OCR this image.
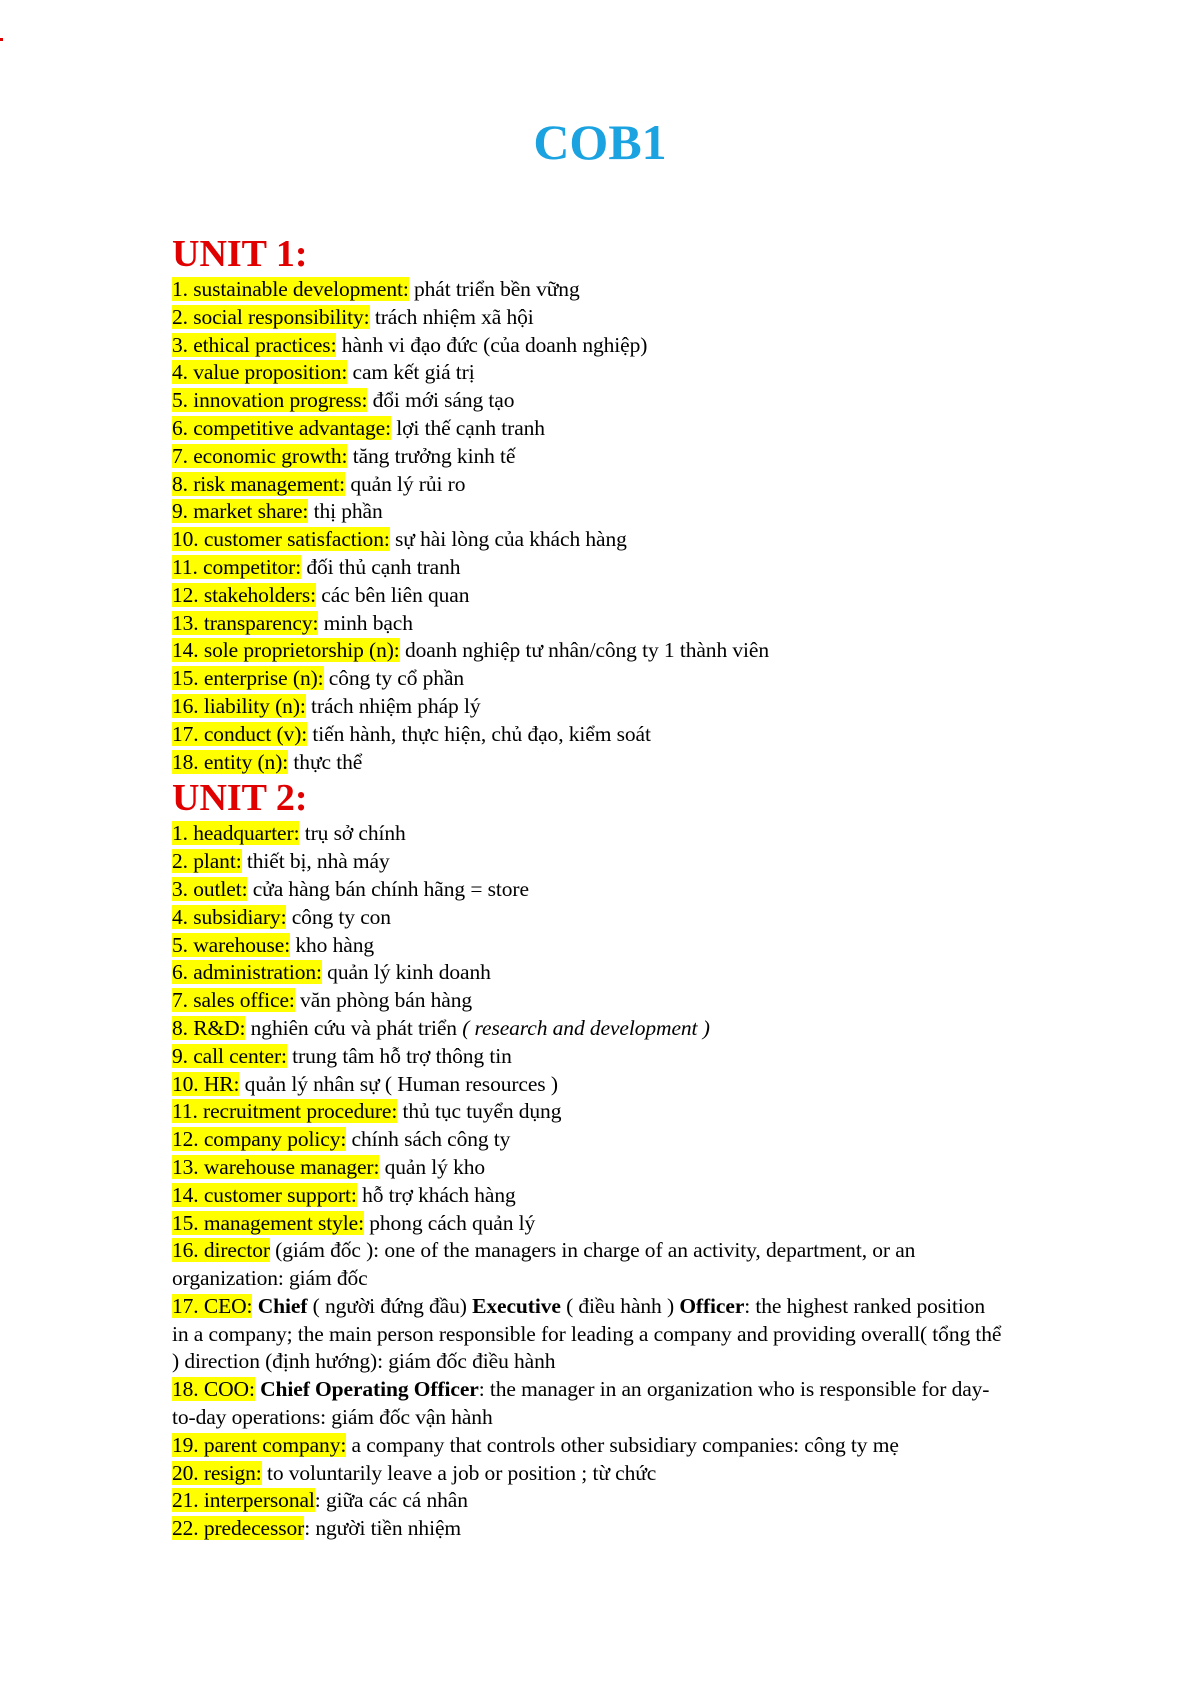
COB1
UNIT 1:

1. sustainable development: phát triển bền vững

2. social responsibility: trách nhiệm xã hội

3. ethical practices: hành vi đạo đức (của doanh nghiệp)

4. value proposition: cam kết giá trị

5. innovation progress: đổi mới sáng tạo

6. competitive advantage: lợi thế cạnh tranh

7. economic growth: tăng trưởng kinh tế

8. risk management: quản lý rủi ro

9. market share: thị phần

10. customer satisfaction: sự hài lòng của khách hàng

11. competitor: đối thủ cạnh tranh

12. stakeholders: các bên liên quan

13. transparency: minh bạch

14. sole proprietorship (n): doanh nghiệp tư nhân/công ty 1 thành viên

15. enterprise (n): công ty cổ phần

16. liability (n): trách nhiệm pháp lý

17. conduct (v): tiến hành, thực hiện, chủ đạo, kiểm soát

18. entity (n): thực thể

UNIT 2:

1. headquarter: trụ sở chính

2. plant: thiết bị, nhà máy

3. outlet: cửa hàng bán chính hãng = store

4. subsidiary: công ty con

5. warehouse: kho hàng

6. administration: quản lý kinh doanh

7. sales office: văn phòng bán hàng

8. R&D: nghiên cứu và phát triển ( research and development )

9. call center: trung tâm hỗ trợ thông tin

10. HR: quản lý nhân sự ( Human resources )

11. recruitment procedure: thủ tục tuyển dụng

12. company policy: chính sách công ty

13. warehouse manager: quản lý kho

14. customer support: hỗ trợ khách hàng

15. management style: phong cách quản lý

16. director (giám đốc ): one of the managers in charge of an activity, department, or an organization: giám đốc

17. CEO: Chief ( người đứng đầu) Executive ( điều hành ) Officer: the highest ranked position in a company; the main person responsible for leading a company and providing overall( tổng thể ) direction (định hướng): giám đốc điều hành

18. COO: Chief Operating Officer: the manager in an organization who is responsible for day-to-day operations: giám đốc vận hành

19. parent company: a company that controls other subsidiary companies: công ty mẹ

20. resign: to voluntarily leave a job or position ; từ chức

21. interpersonal: giữa các cá nhân

22. predecessor: người tiền nhiệm
